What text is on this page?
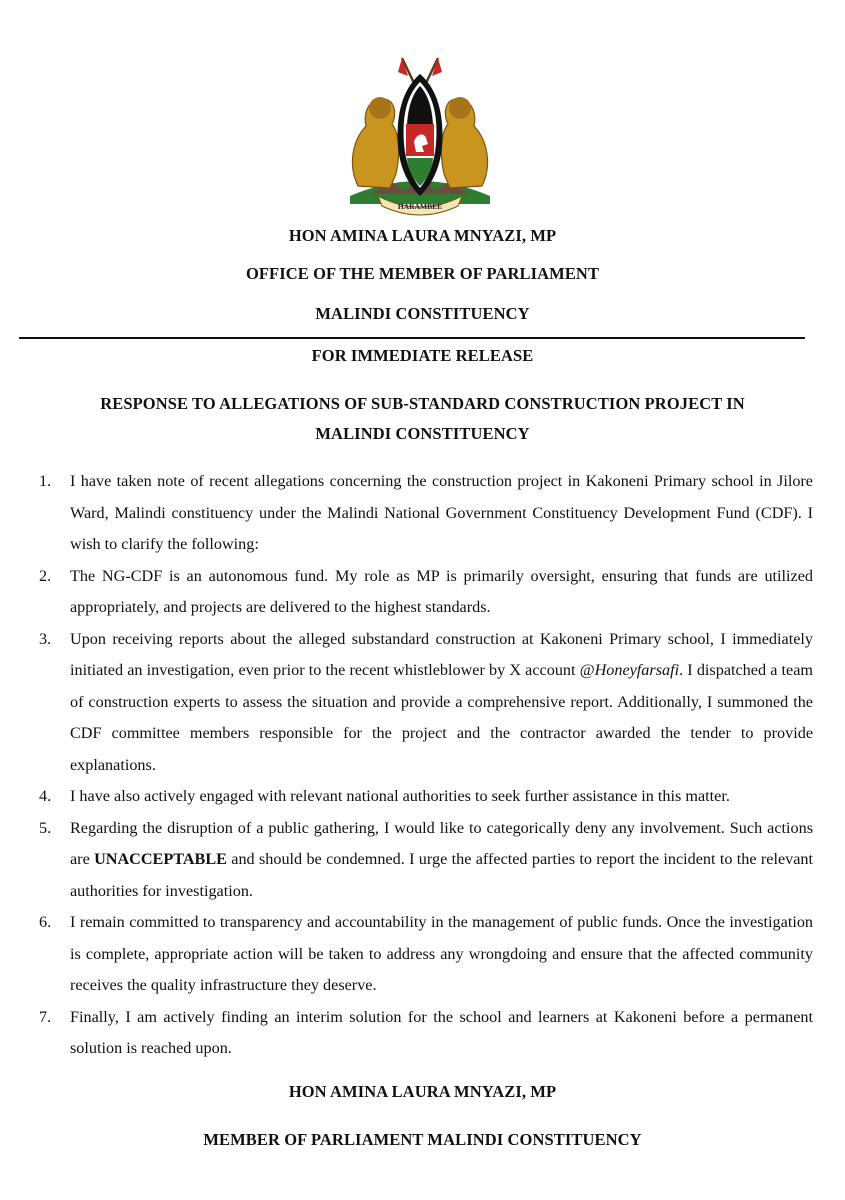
HARAMBEE
HON AMINA LAURA MNYAZI, MP
OFFICE OF THE MEMBER OF PARLIAMENT
MALINDI CONSTITUENCY
FOR IMMEDIATE RELEASE
RESPONSE TO ALLEGATIONS OF SUB-STANDARD CONSTRUCTION PROJECT IN
MALINDI CONSTITUENCY
1. I have taken note of recent allegations concerning the construction project in Kakoneni Primary school in Jilore Ward, Malindi constituency under the Malindi National Government Constituency Development Fund (CDF). I wish to clarify the following:
2. The NG-CDF is an autonomous fund. My role as MP is primarily oversight, ensuring that funds are utilized appropriately, and projects are delivered to the highest standards.
3. Upon receiving reports about the alleged substandard construction at Kakoneni Primary school, I immediately initiated an investigation, even prior to the recent whistleblower by X account @Honeyfarsafi. I dispatched a team of construction experts to assess the situation and provide a comprehensive report. Additionally, I summoned the CDF committee members responsible for the project and the contractor awarded the tender to provide explanations.
4. I have also actively engaged with relevant national authorities to seek further assistance in this matter.
5. Regarding the disruption of a public gathering, I would like to categorically deny any involvement. Such actions are UNACCEPTABLE and should be condemned. I urge the affected parties to report the incident to the relevant authorities for investigation.
6. I remain committed to transparency and accountability in the management of public funds. Once the investigation is complete, appropriate action will be taken to address any wrongdoing and ensure that the affected community receives the quality infrastructure they deserve.
7. Finally, I am actively finding an interim solution for the school and learners at Kakoneni before a permanent solution is reached upon.
HON AMINA LAURA MNYAZI, MP
MEMBER OF PARLIAMENT MALINDI CONSTITUENCY
